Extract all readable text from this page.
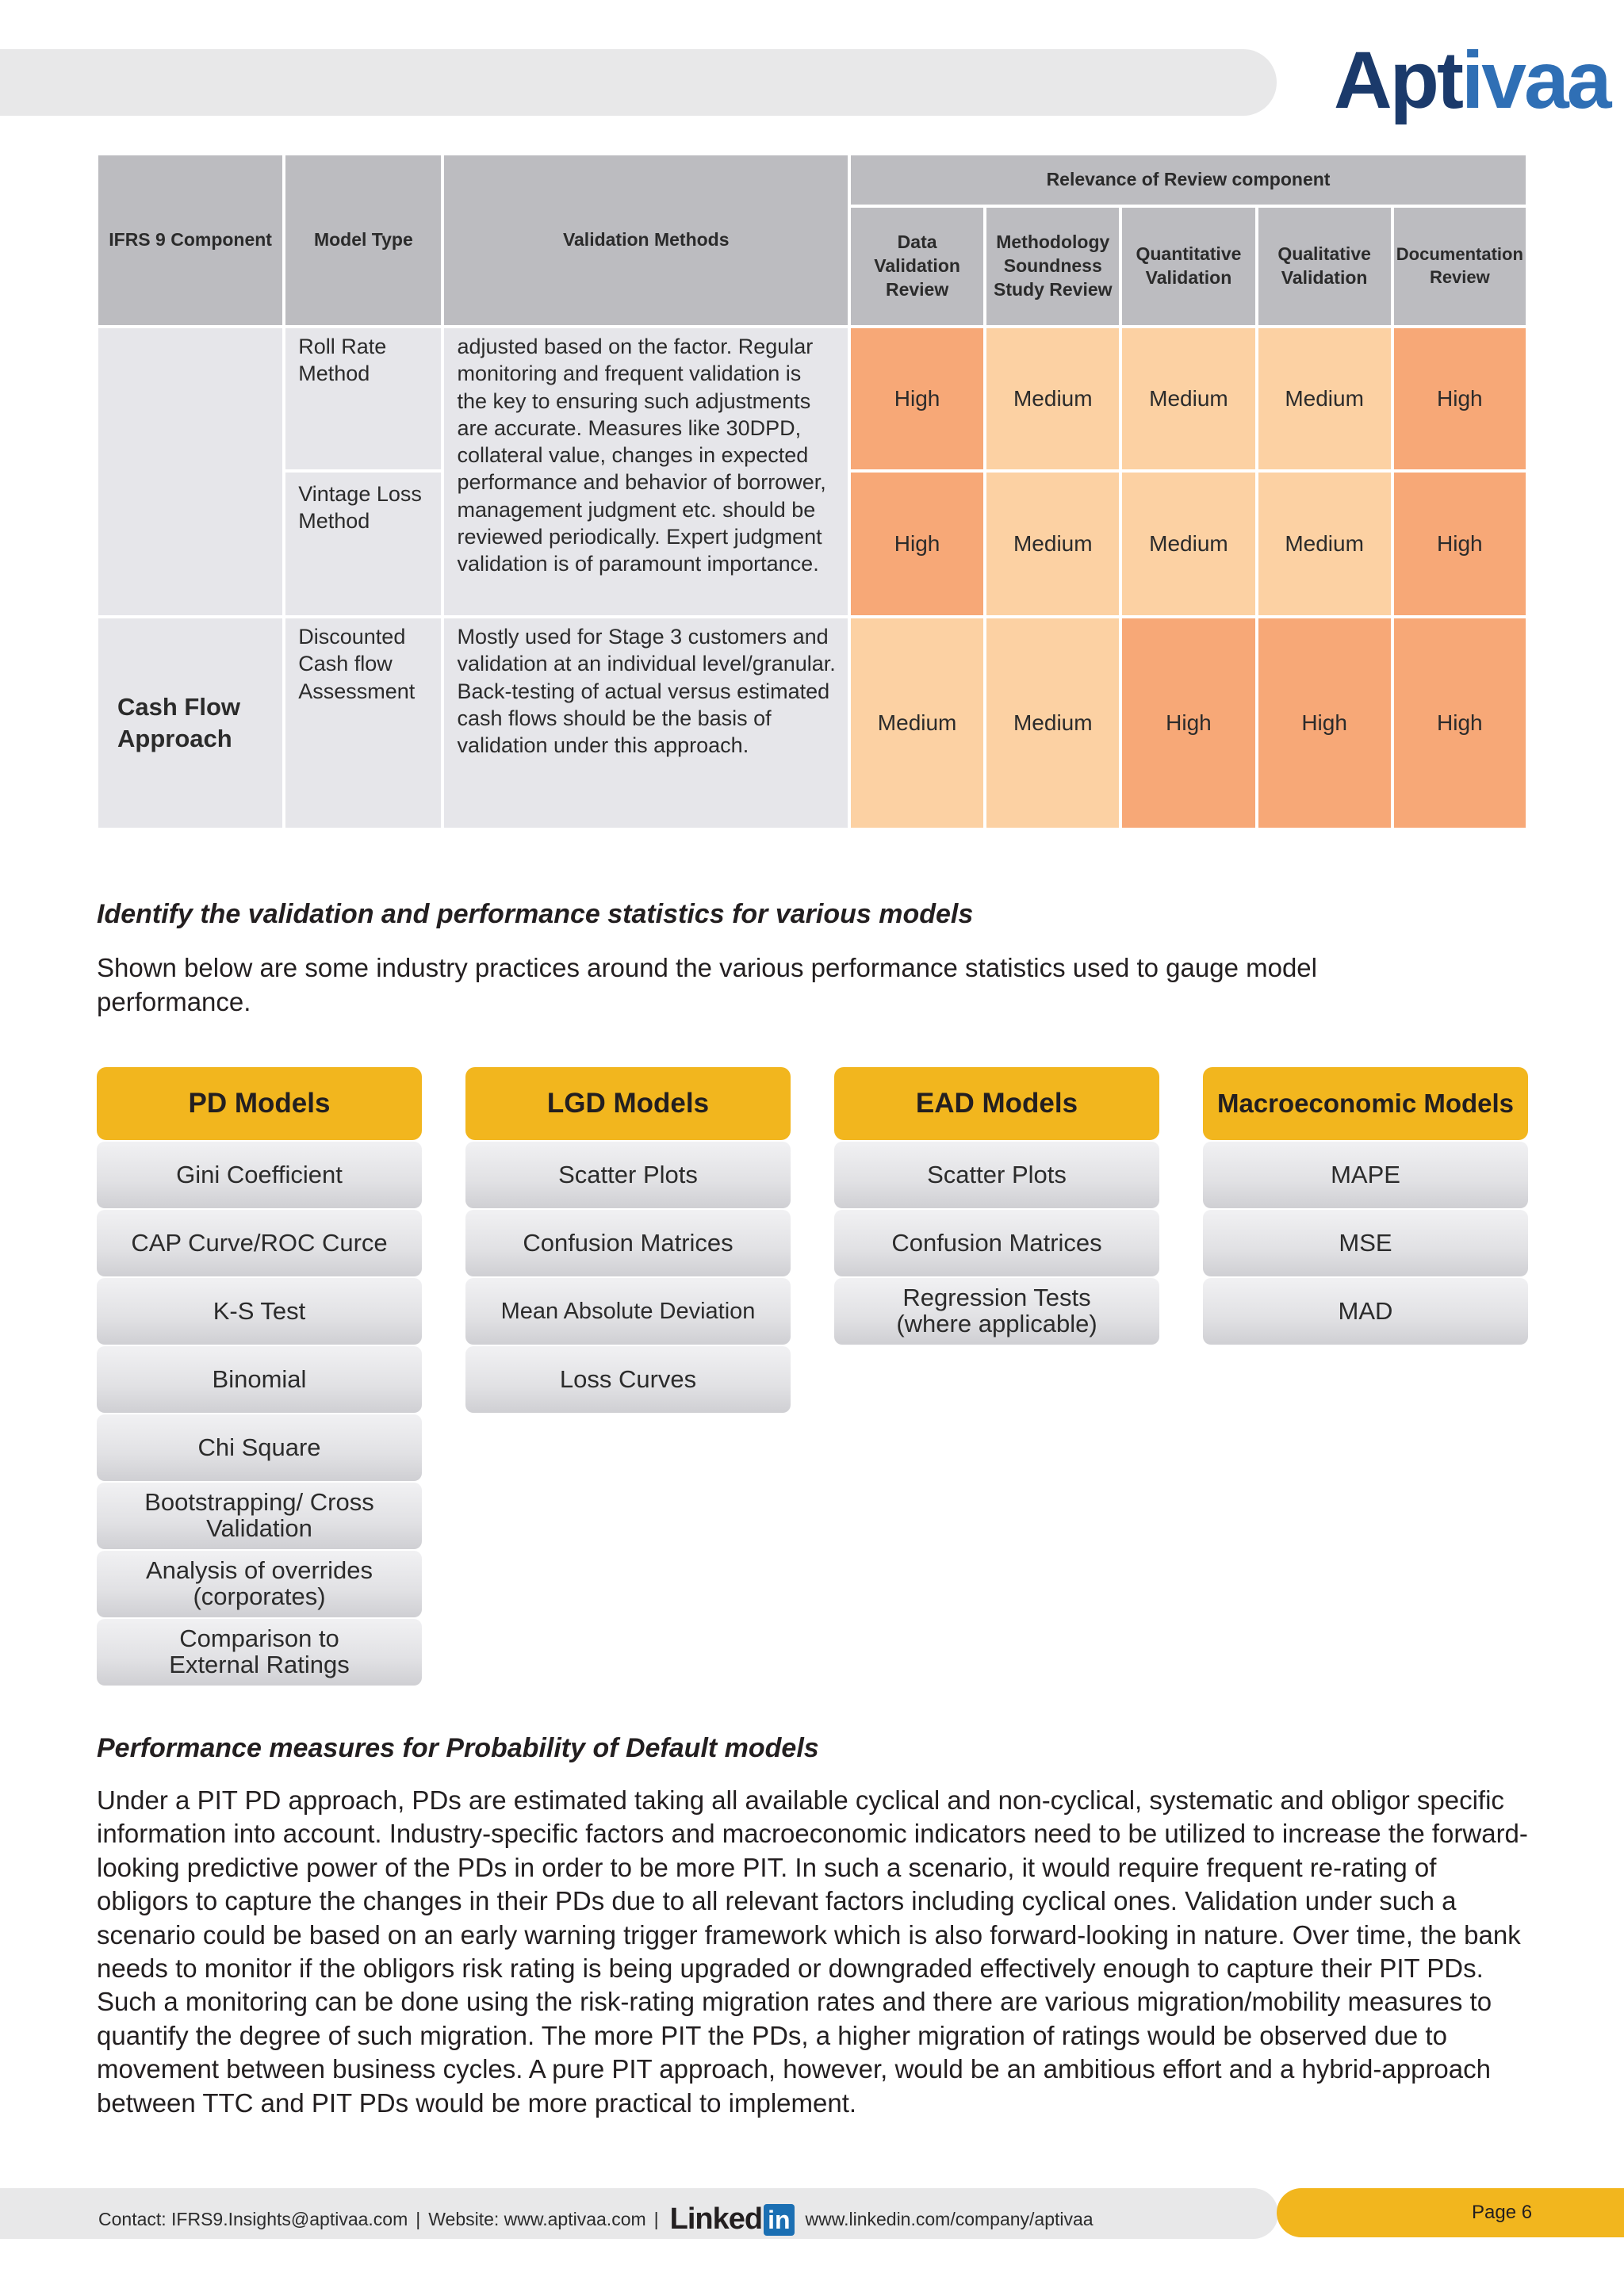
Aptivaa
IFRS 9 Component	Model Type	Validation Methods	Relevance of Review component				
			Data Validation Review	Methodology Soundness Study Review	Quantitative Validation	Qualitative Validation	Documentation Review
	Roll Rate Method	adjusted based on the factor. Regular monitoring and frequent validation is the key to ensuring such adjustments are accurate. Measures like 30DPD, collateral value, changes in expected performance and behavior of borrower, management judgment etc. should be reviewed periodically. Expert judgment validation is of paramount importance.	High	Medium	Medium	Medium	High
	Vintage Loss Method		High	Medium	Medium	Medium	High
Cash Flow Approach	Discounted Cash flow Assessment	Mostly used for Stage 3 customers and validation at an individual level/granular. Back-testing of actual versus estimated cash flows should be the basis of validation under this approach.	Medium	Medium	High	High	High
Identify the validation and performance statistics for various models
Shown below are some industry practices around the various performance statistics used to gauge model performance.
PD Models
Gini Coefficient
CAP Curve/ROC Curce
K-S Test
Binomial
Chi Square
Bootstrapping/ Cross Validation
Analysis of overrides (corporates)
Comparison to External Ratings
LGD Models
Scatter Plots
Confusion Matrices
Mean Absolute Deviation
Loss Curves
EAD Models
Scatter Plots
Confusion Matrices
Regression Tests (where applicable)
Macroeconomic Models
MAPE
MSE
MAD
Performance measures for Probability of Default models
Under a PIT PD approach, PDs are estimated taking all available cyclical and non-cyclical, systematic and obligor specific information into account. Industry-specific factors and macroeconomic indicators need to be utilized to increase the forward-looking predictive power of the PDs in order to be more PIT. In such a scenario, it would require frequent re-rating of obligors to capture the changes in their PDs due to all relevant factors including cyclical ones. Validation under such a scenario could be based on an early warning trigger framework which is also forward-looking in nature. Over time, the bank needs to monitor if the obligors risk rating is being upgraded or downgraded effectively enough to capture their PIT PDs. Such a monitoring can be done using the risk-rating migration rates and there are various migration/mobility measures to quantify the degree of such migration. The more PIT the PDs, a higher migration of ratings would be observed due to movement between business cycles. A pure PIT approach, however, would be an ambitious effort and a hybrid-approach between TTC and PIT PDs would be more practical to implement.
Contact: IFRS9.Insights@aptivaa.com | Website: www.aptivaa.com | Linked in www.linkedin.com/company/aptivaa	Page 6
